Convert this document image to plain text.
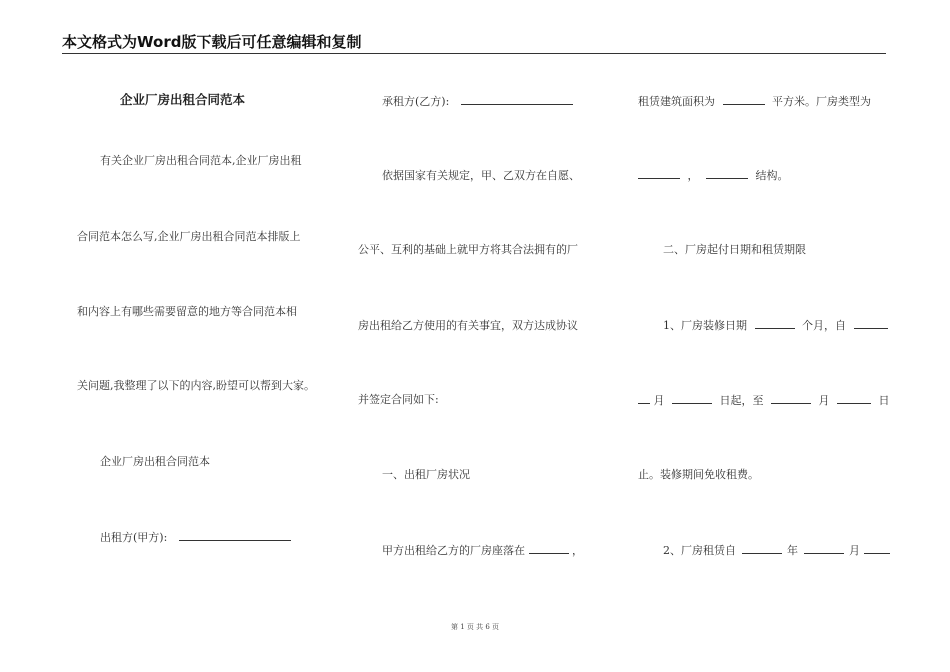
本文格式为Word版下载后可任意编辑和复制
企业厂房出租合同范本
有关企业厂房出租合同范本,企业厂房出租
合同范本怎么写,企业厂房出租合同范本排版上
和内容上有哪些需要留意的地方等合同范本相
关问题,我整理了以下的内容,盼望可以帮到大家。
企业厂房出租合同范本
出租方(甲方):
承租方(乙方):
依据国家有关规定，甲、乙双方在自愿、
公平、互利的基础上就甲方将其合法拥有的厂
房出租给乙方使用的有关事宜，双方达成协议
并签定合同如下:
一、出租厂房状况
甲方出租给乙方的厂房座落在	，
租赁建筑面积为	平方米。厂房类型为
，	结构。
二、厂房起付日期和租赁期限
1、厂房装修日期	个月，自
月	日起，至	月	日
止。装修期间免收租费。
2、厂房租赁自	年	月
第 1 页 共 6 页
